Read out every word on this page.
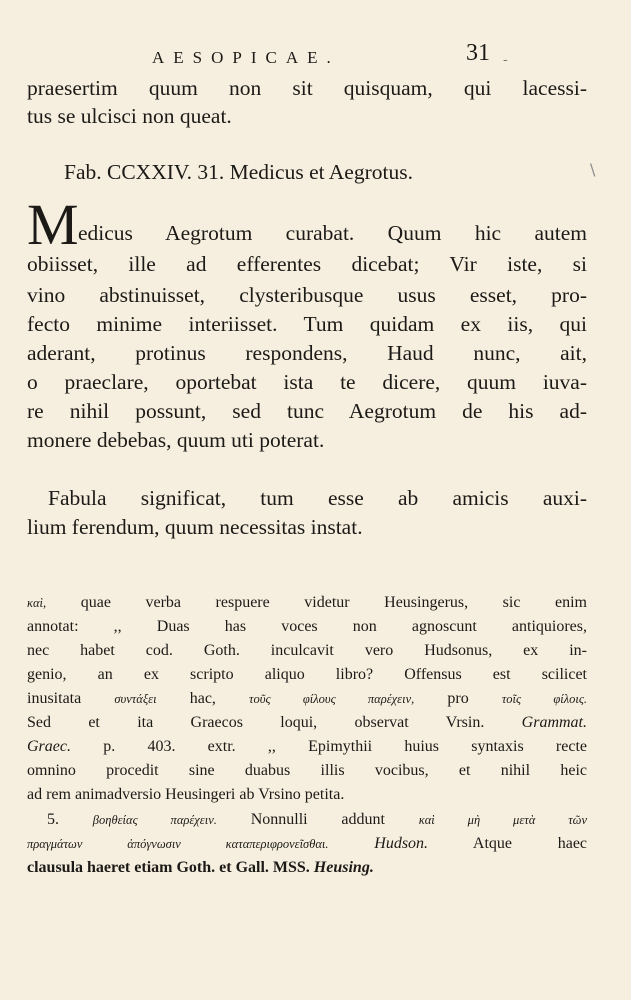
AESOPICAE.	31 -
praesertim quum non sit quisquam, qui lacessi-
tus se ulcisci non queat.
Fab. CCXXIV. 31. Medicus et Aegrotus.	\
M edicus Aegrotum curabat. Quum hic autem
obiisset, ille ad efferentes dicebat; Vir iste, si
vino abstinuisset, clysteribusque usus esset, pro-
fecto minime interiisset. Tum quidam ex iis, qui
aderant, protinus respondens, Haud nunc, ait,
o praeclare, oportebat ista te dicere, quum iuva-
re nihil possunt, sed tunc Aegrotum de his ad-
monere debebas, quum uti poterat.
Fabula significat, tum esse ab amicis auxi-
lium ferendum, quum necessitas instat.
καὶ, quae verba respuere videtur Heusingerus, sic enim
annotat: ,, Duas has voces non agnoscunt antiquiores,
nec habet cod. Goth. inculcavit vero Hudsonus, ex in-
genio, an ex scripto aliquo libro? Offensus est scilicet
inusitata	συντάξει hac,	τοῦς φίλους παρέχειν, pro	τοῖς φίλοις.
Sed et ita Graecos loqui, observat Vrsin. Grammat.
Graec. p. 403. extr. ,, Epimythii huius syntaxis recte
omnino procedit sine duabus illis vocibus, et nihil heic
ad rem animadversio Heusingeri ab Vrsino petita.
5.	βοηθείας παρέχειν. Nonnulli addunt	καὶ μὴ μετὰ τῶν
πραγμάτων ἀπόγνωσιν καταπεριφρονεῖσθαι.	Hudson.	Atque haec
clausula haeret etiam Goth. et Gall. MSS. Heusing.
